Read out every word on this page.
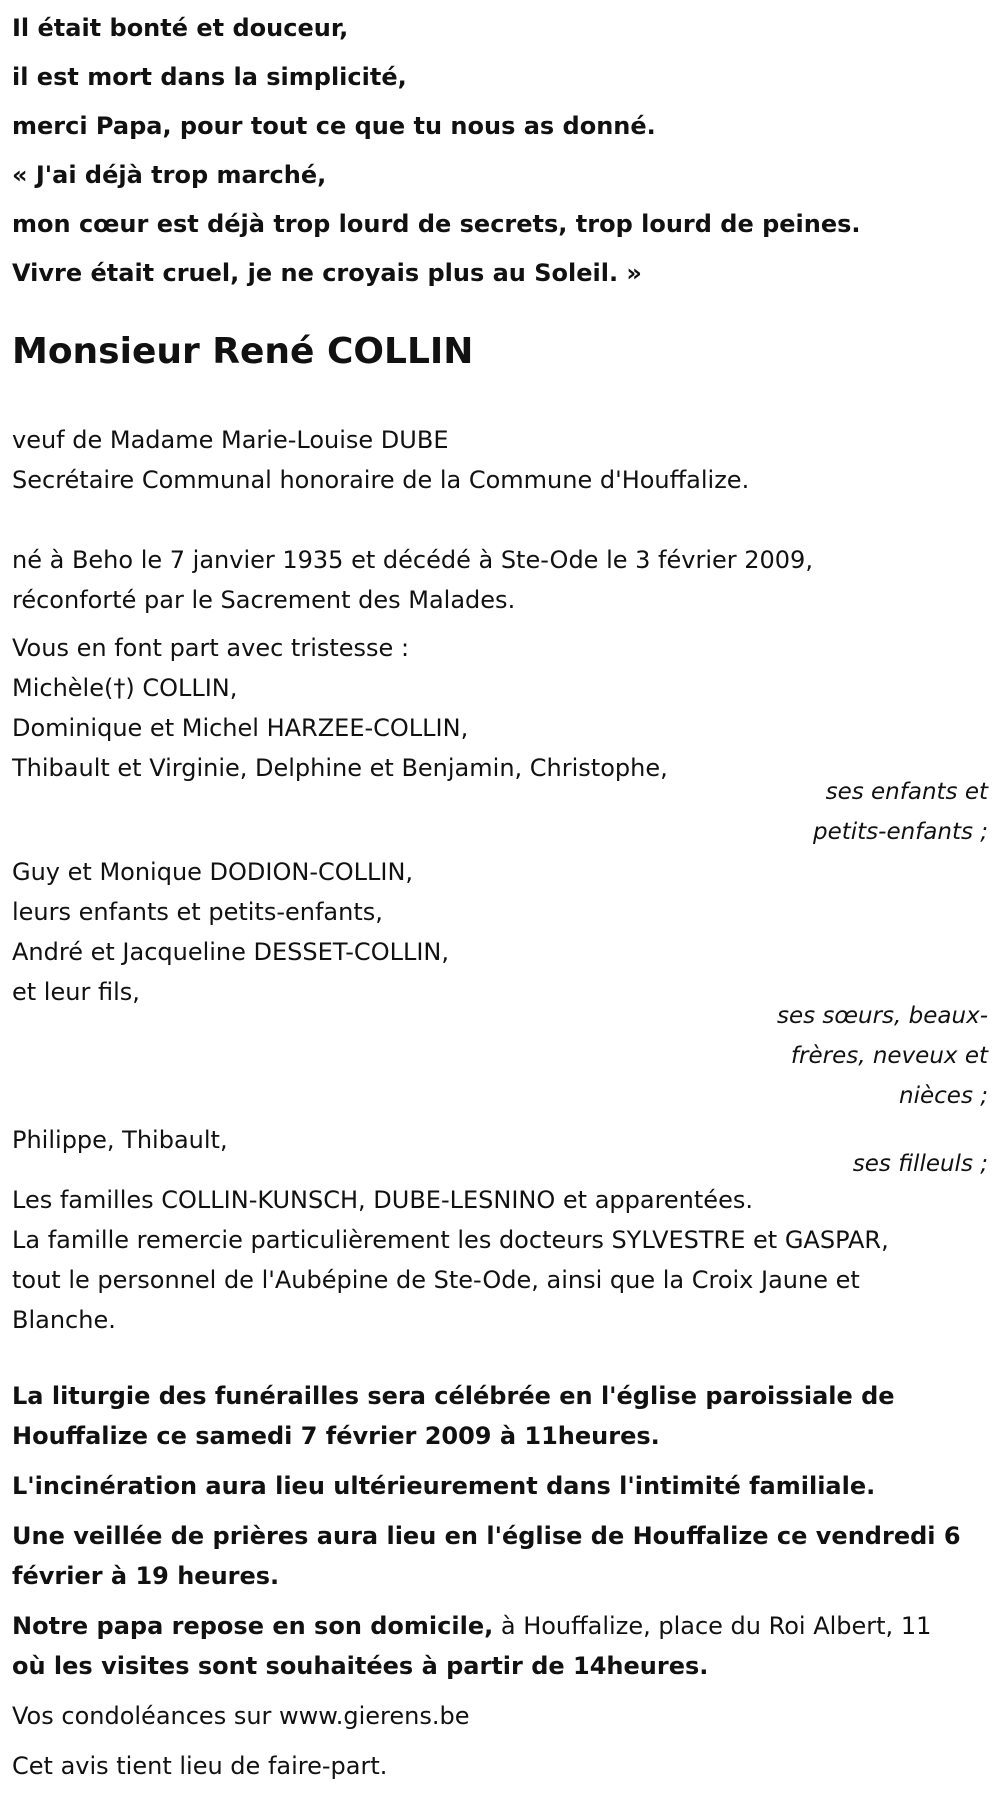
Il était bonté et douceur,
il est mort dans la simplicité,
merci Papa, pour tout ce que tu nous as donné.
« J'ai déjà trop marché,
mon cœur est déjà trop lourd de secrets, trop lourd de peines.
Vivre était cruel, je ne croyais plus au Soleil. »
Monsieur René COLLIN
veuf de Madame Marie-Louise DUBE
Secrétaire Communal honoraire de la Commune d'Houffalize.
né à Beho le 7 janvier 1935 et décédé à Ste-Ode le 3 février 2009,
réconforté par le Sacrement des Malades.
Vous en font part avec tristesse :
Michèle(†) COLLIN,
Dominique et Michel HARZEE-COLLIN,
Thibault et Virginie, Delphine et Benjamin, Christophe,
ses enfants et
petits-enfants ;
Guy et Monique DODION-COLLIN,
leurs enfants et petits-enfants,
André et Jacqueline DESSET-COLLIN,
et leur fils,
ses sœurs, beaux-
frères, neveux et
nièces ;
Philippe, Thibault,
ses filleuls ;
Les familles COLLIN-KUNSCH, DUBE-LESNINO et apparentées.
La famille remercie particulièrement les docteurs SYLVESTRE et GASPAR,
tout le personnel de l'Aubépine de Ste-Ode, ainsi que la Croix Jaune et
Blanche.
La liturgie des funérailles sera célébrée en l'église paroissiale de
Houffalize ce samedi 7 février 2009 à 11heures.
L'incinération aura lieu ultérieurement dans l'intimité familiale.
Une veillée de prières aura lieu en l'église de Houffalize ce vendredi 6
février à 19 heures.
Notre papa repose en son domicile, à Houffalize, place du Roi Albert, 11
où les visites sont souhaitées à partir de 14heures.
Vos condoléances sur www.gierens.be
Cet avis tient lieu de faire-part.
